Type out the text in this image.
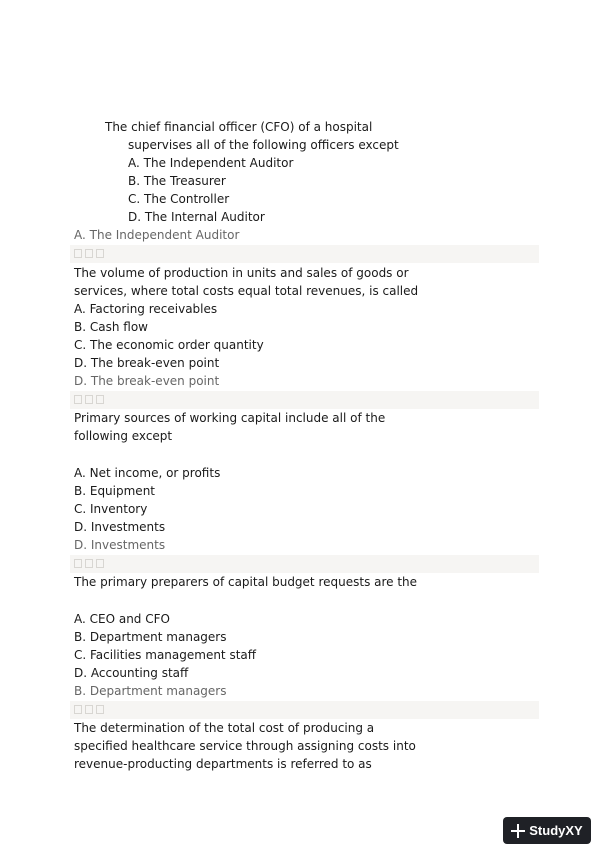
The chief financial officer (CFO) of a hospital
supervises all of the following officers except
A. The Independent Auditor
B. The Treasurer
C. The Controller
D. The Internal Auditor
A. The Independent Auditor
The volume of production in units and sales of goods or
services, where total costs equal total revenues, is called
A. Factoring receivables
B. Cash flow
C. The economic order quantity
D. The break-even point
D. The break-even point
Primary sources of working capital include all of the
following except
A. Net income, or profits
B. Equipment
C. Inventory
D. Investments
D. Investments
The primary preparers of capital budget requests are the
A. CEO and CFO
B. Department managers
C. Facilities management staff
D. Accounting staff
B. Department managers
The determination of the total cost of producing a
specified healthcare service through assigning costs into
revenue-producting departments is referred to as
StudyXY
